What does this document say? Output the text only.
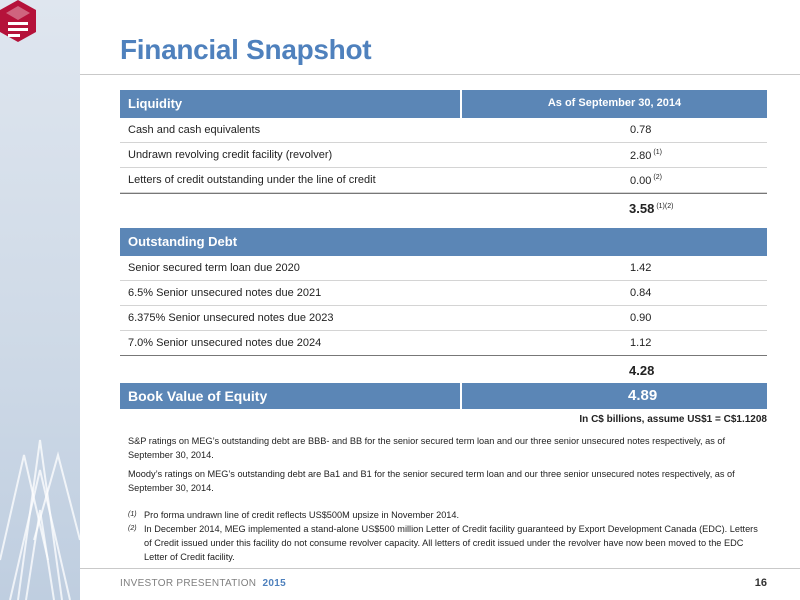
Financial Snapshot
Liquidity	As of September 30, 2014
Cash and cash equivalents	0.78
Undrawn revolving credit facility (revolver)	2.80 $^{(1)}$
Letters of credit outstanding under the line of credit	0.00 $^{(2)}$
3.58 $^{(1)(2)}$
Outstanding Debt
Senior secured term loan due 2020	1.42
6.5% Senior unsecured notes due 2021	0.84
6.375% Senior unsecured notes due 2023	0.90
7.0% Senior unsecured notes due 2024	1.12
4.28
Book Value of Equity	4.89
In C$ billions, assume US$1 = C$1.1208
S&P ratings on MEG’s outstanding debt are BBB- and BB for the senior secured term loan and our three senior unsecured notes respectively, as of September 30, 2014.
Moody’s ratings on MEG’s outstanding debt are Ba1 and B1 for the senior secured term loan and our three senior unsecured notes respectively, as of September 30, 2014.
(1) Pro forma undrawn line of credit reflects US$500M upsize in November 2014.
(2) In December 2014, MEG implemented a stand-alone US$500 million Letter of Credit facility guaranteed by Export Development Canada (EDC). Letters of Credit issued under this facility do not consume revolver capacity. All letters of credit issued under the revolver have now been moved to the EDC Letter of Credit facility.
INVESTOR PRESENTATION 2015	16
